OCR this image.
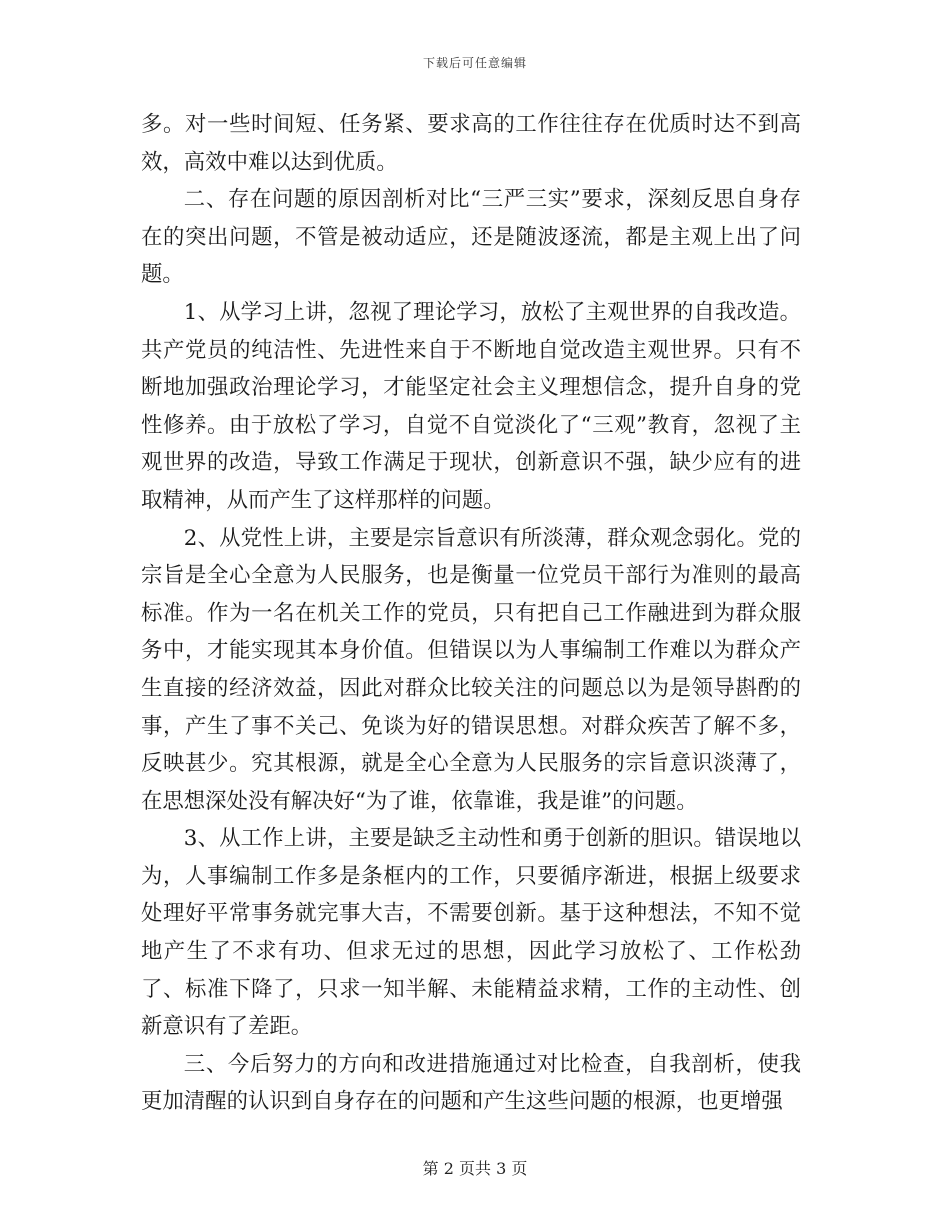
下载后可任意编辑

多。对一些时间短、任务紧、要求高的工作往往存在优质时达不到高效，高效中难以达到优质。

二、存在问题的原因剖析对比“三严三实”要求，深刻反思自身存在的突出问题，不管是被动适应，还是随波逐流，都是主观上出了问题。

1、从学习上讲，忽视了理论学习，放松了主观世界的自我改造。共产党员的纯洁性、先进性来自于不断地自觉改造主观世界。只有不断地加强政治理论学习，才能坚定社会主义理想信念，提升自身的党性修养。由于放松了学习，自觉不自觉淡化了“三观”教育，忽视了主观世界的改造，导致工作满足于现状，创新意识不强，缺少应有的进取精神，从而产生了这样那样的问题。

2、从党性上讲，主要是宗旨意识有所淡薄，群众观念弱化。党的宗旨是全心全意为人民服务，也是衡量一位党员干部行为准则的最高标准。作为一名在机关工作的党员，只有把自己工作融进到为群众服务中，才能实现其本身价值。但错误以为人事编制工作难以为群众产生直接的经济效益，因此对群众比较关注的问题总以为是领导斟酌的事，产生了事不关己、免谈为好的错误思想。对群众疾苦了解不多，反映甚少。究其根源，就是全心全意为人民服务的宗旨意识淡薄了，在思想深处没有解决好“为了谁，依靠谁，我是谁”的问题。

3、从工作上讲，主要是缺乏主动性和勇于创新的胆识。错误地以为，人事编制工作多是条框内的工作，只要循序渐进，根据上级要求处理好平常事务就完事大吉，不需要创新。基于这种想法，不知不觉地产生了不求有功、但求无过的思想，因此学习放松了、工作松劲了、标准下降了，只求一知半解、未能精益求精，工作的主动性、创新意识有了差距。

三、今后努力的方向和改进措施通过对比检查，自我剖析，使我更加清醒的认识到自身存在的问题和产生这些问题的根源，也更增强

第 2 页共 3 页
